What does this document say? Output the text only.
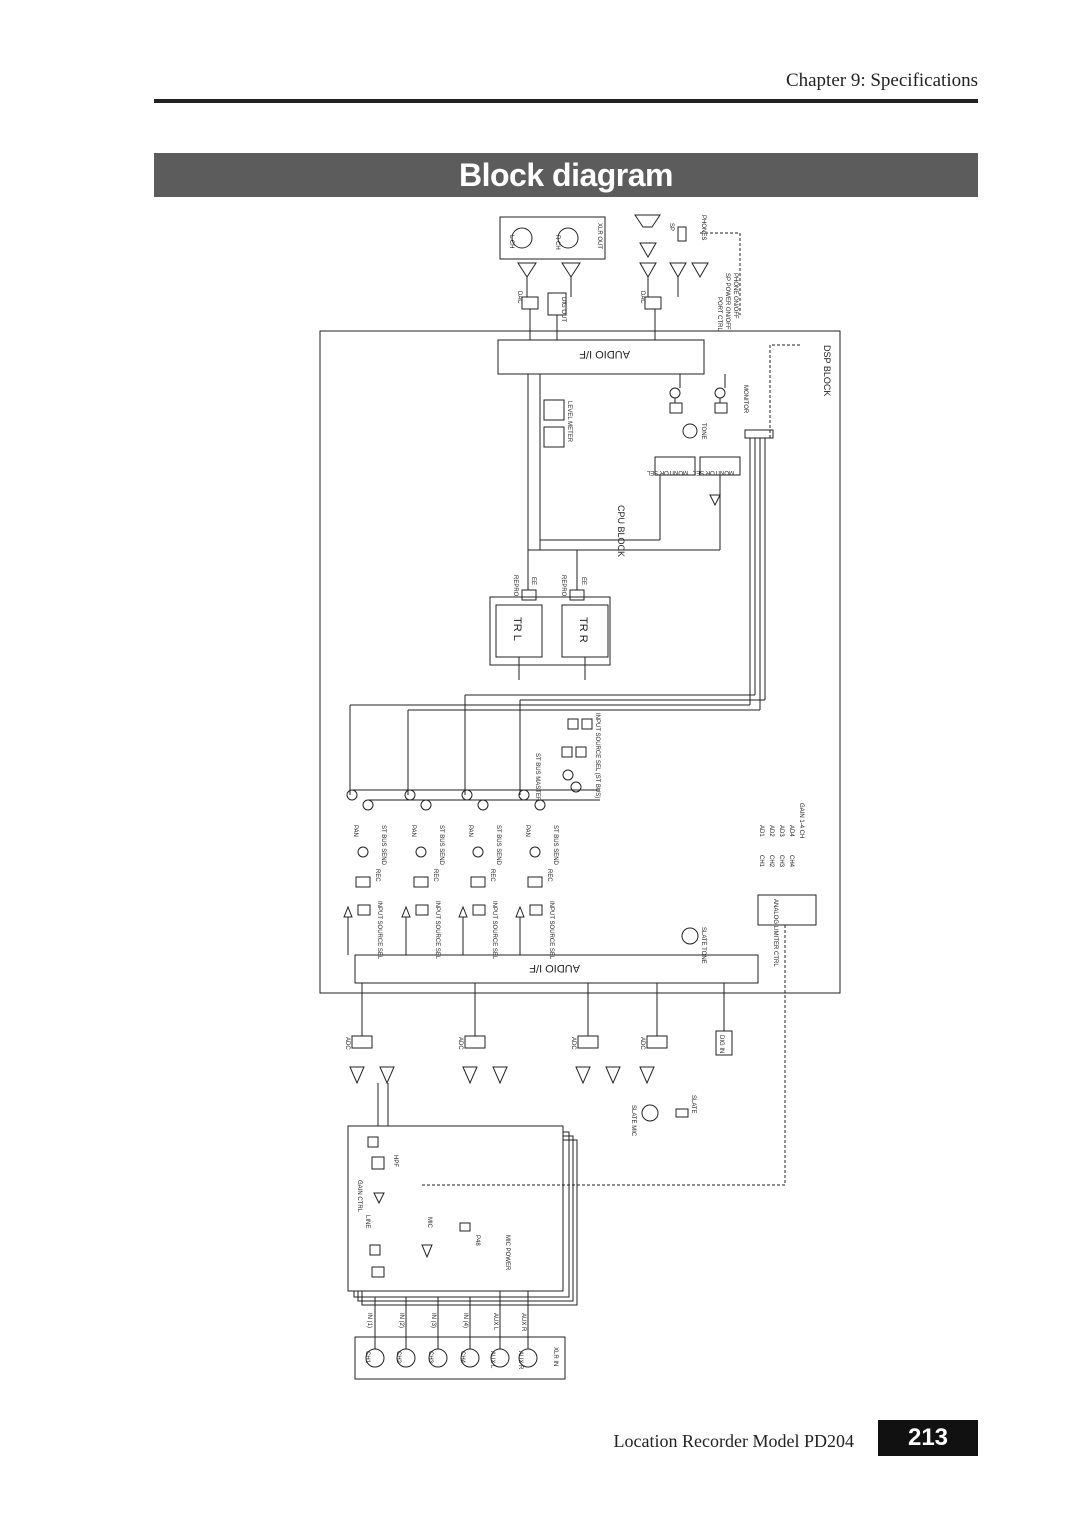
Chapter 9: Specifications
Block diagram
L CH	R CH	XLR OUT	SP	PHONES
DAC	DAC
DIG OUT	PORT CTRL SP POWER ON/OFF PHONE ON/OFF
MONITOR
LEVEL METER
MONITOR SEL MONITOR SEL
TONE
REPRO EE	REPRO EE
INPUT SOURCE SEL (ST BUS)
ST BUS MASTER
PAN	PAN	PAN	PAN
ST BUS SEND	ST BUS SEND	ST BUS SEND	ST BUS SEND
REC	REC	REC	REC
INPUT SOURCE SEL	INPUT SOURCE SEL	INPUT SOURCE SEL	INPUT SOURCE SEL	SLATE TONE
GAIN 1-4 CH
CH1 CH2 CH3 CH4
AD1 AD2 AD3 AD4
ANALOG LIMITER CTRL
ADC	ADC	ADC	ADC	DIG IN
SLATE MIC
SLATE
HPF
GAIN CTRL
LINE	MIC
P48	MIC POWER
IN (1)	IN (2)	IN (3)	IN (4)	AUX L	AUX R
CH1	CH2	CH3	CH4	AUX L	AUX R	XLR IN
DSP BLOCK
CPU BLOCK
AUDIO I/F
AUDIO I/F
TR L	TR R
Location Recorder Model PD204	213
